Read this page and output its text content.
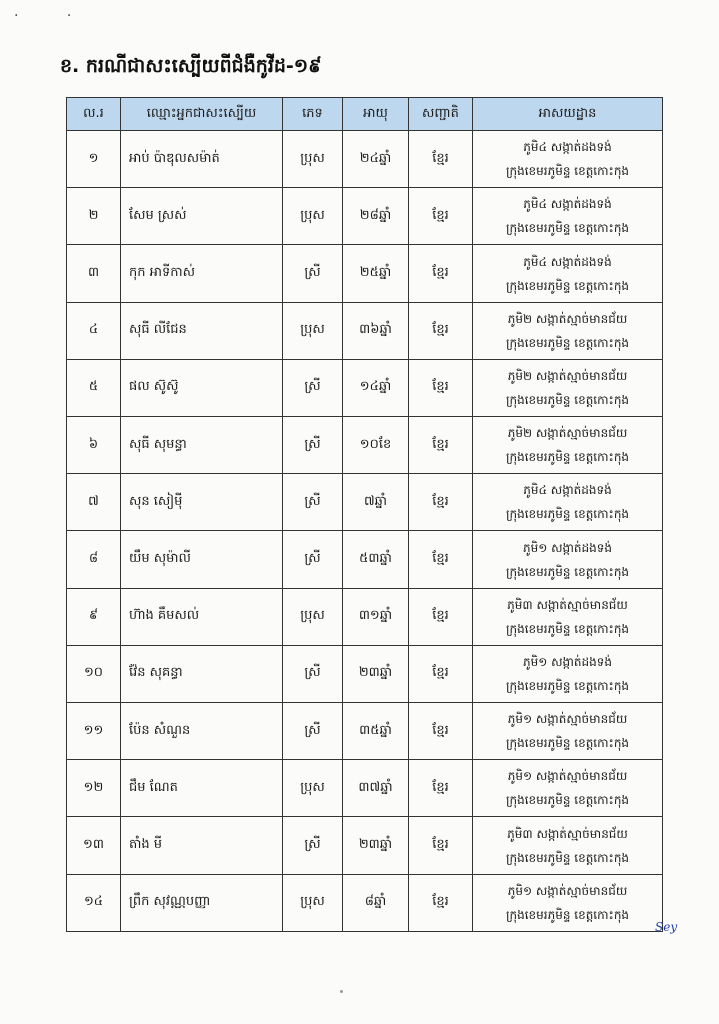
· ·
ខ. ករណីជាសះស្បើយពីជំងឺកូវីដ-១៩
ល.រ	ឈ្មោះអ្នកជាសះស្បើយ	ភេទ	អាយុ	សញ្ជាតិ	អាសយដ្ឋាន
១	អាប់ ប៉ាឌុលសម៉ាត់	ប្រុស	២៤ឆ្នាំ	ខ្មែរ	ភូមិ៤ សង្កាត់ដងទង់
ក្រុងខេមរភូមិន្ទ ខេត្តកោះកុង

២	សែម ស្រស់	ប្រុស	២៨ឆ្នាំ	ខ្មែរ	ភូមិ៤ សង្កាត់ដងទង់
ក្រុងខេមរភូមិន្ទ ខេត្តកោះកុង

៣	កុក អាទីកាស់	ស្រី	២៥ឆ្នាំ	ខ្មែរ	ភូមិ៤ សង្កាត់ដងទង់
ក្រុងខេមរភូមិន្ទ ខេត្តកោះកុង

៤	សុធី លីជែន	ប្រុស	៣៦ឆ្នាំ	ខ្មែរ	ភូមិ២ សង្កាត់ស្មាច់មានជ័យ
ក្រុងខេមរភូមិន្ទ ខេត្តកោះកុង

៥	ផល ស៊ូស៊ូ	ស្រី	១៤ឆ្នាំ	ខ្មែរ	ភូមិ២ សង្កាត់ស្មាច់មានជ័យ
ក្រុងខេមរភូមិន្ទ ខេត្តកោះកុង

៦	សុធី សុមន្ធា	ស្រី	១០ខែ	ខ្មែរ	ភូមិ២ សង្កាត់ស្មាច់មានជ័យ
ក្រុងខេមរភូមិន្ទ ខេត្តកោះកុង

៧	សុន សៀម៉ី	ស្រី	៧ឆ្នាំ	ខ្មែរ	ភូមិ៤ សង្កាត់ដងទង់
ក្រុងខេមរភូមិន្ទ ខេត្តកោះកុង

៨	យឹម សុម៉ាលី	ស្រី	៥៣ឆ្នាំ	ខ្មែរ	ភូមិ១ សង្កាត់ដងទង់
ក្រុងខេមរភូមិន្ទ ខេត្តកោះកុង

៩	ហ៊ាង គឹមសល់	ប្រុស	៣១ឆ្នាំ	ខ្មែរ	ភូមិ៣ សង្កាត់ស្មាច់មានជ័យ
ក្រុងខេមរភូមិន្ទ ខេត្តកោះកុង

១០	វ៉ែន សុគន្ធា	ស្រី	២៣ឆ្នាំ	ខ្មែរ	ភូមិ១ សង្កាត់ដងទង់
ក្រុងខេមរភូមិន្ទ ខេត្តកោះកុង

១១	ប៉ែន សំណួន	ស្រី	៣៥ឆ្នាំ	ខ្មែរ	ភូមិ១ សង្កាត់ស្មាច់មានជ័យ
ក្រុងខេមរភូមិន្ទ ខេត្តកោះកុង

១២	ជឹម ណែត	ប្រុស	៣៧ឆ្នាំ	ខ្មែរ	ភូមិ១ សង្កាត់ស្មាច់មានជ័យ
ក្រុងខេមរភូមិន្ទ ខេត្តកោះកុង

១៣	តាំង មី	ស្រី	២៣ឆ្នាំ	ខ្មែរ	ភូមិ៣ សង្កាត់ស្មាច់មានជ័យ
ក្រុងខេមរភូមិន្ទ ខេត្តកោះកុង

១៤	ព្រឹក សុវណ្ណបញ្ញា	ប្រុស	៨ឆ្នាំ	ខ្មែរ	ភូមិ១ សង្កាត់ស្មាច់មានជ័យ
ក្រុងខេមរភូមិន្ទ ខេត្តកោះកុង
Sey
